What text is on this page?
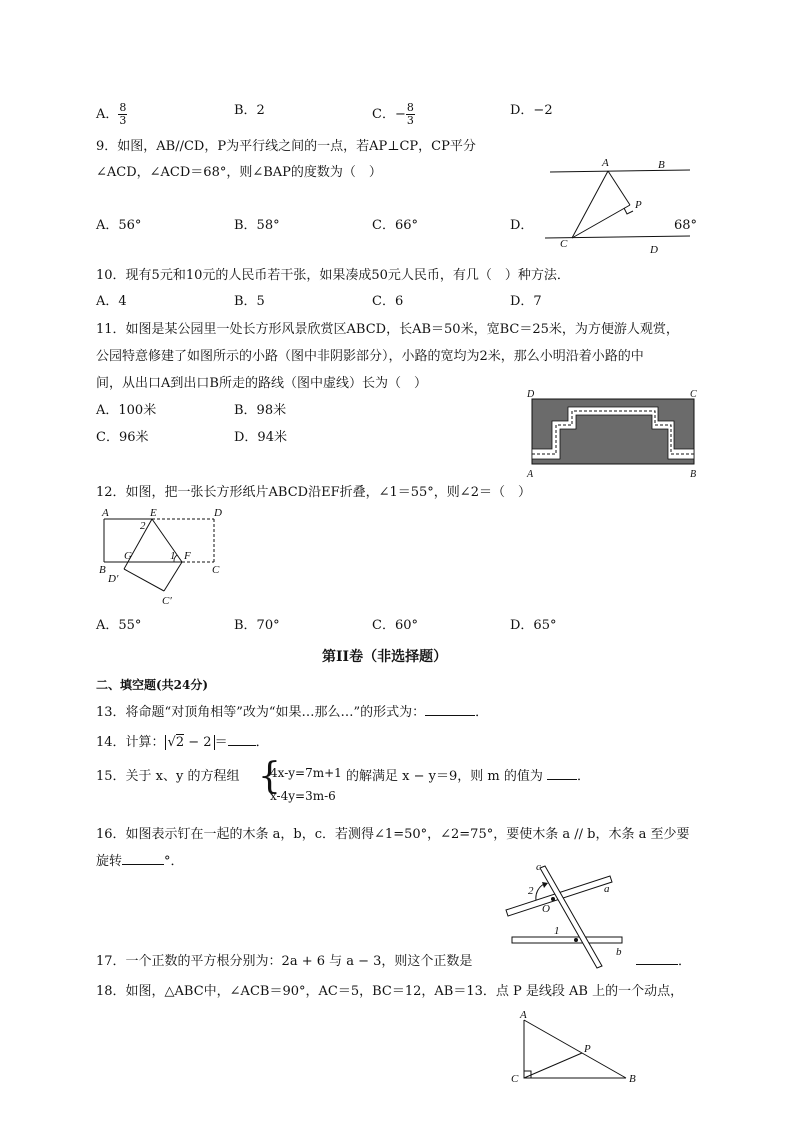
A． $\frac{8}{3}$	B．2	C．− $\frac{8}{3}$	D．−2
9．如图，AB//CD，P为平行线之间的一点，若AP⊥CP，CP平分
∠ACD，∠ACD＝68°，则∠BAP的度数为（　）
A．56°	B．58°	C．66°	D．	68°
A	B
P
C	D
10．现有5元和10元的人民币若干张，如果凑成50元人民币，有几（　）种方法．
A．4	B．5	C．6	D．7
11．如图是某公园里一处长方形风景欣赏区ABCD，长AB＝50米，宽BC＝25米，为方便游人观赏，
公园特意修建了如图所示的小路（图中非阴影部分），小路的宽均为2米，那么小明沿着小路的中
间，从出口A到出口B所走的路线（图中虚线）长为（　）
A．100米	B．98米
C．96米	D．94米
D	C
A	B
12．如图，把一张长方形纸片ABCD沿EF折叠，∠1＝55°，则∠2＝（　）
A	E	D
2
G	1 F
B	C
D′
C′
A．55°	B．70°	C．60°	D．65°
第II卷（非选择题）
二、填空题(共24分)
13．将命题“对顶角相等”改为“如果…那么…”的形式为：	．
14．计算： √2 − 2 ＝ ．
15．关于 x、y 的方程组 {
4x-y=7m+1
x-4y=3m-6
的解满足 x − y＝9，则 m 的值为	．
16．如图表示钉在一起的木条 a，b，c．若测得∠1=50°，∠2=75°，要使木条 a // b，木条 a 至少要
旋转	°．	c
2
O
a
1
b
17．一个正数的平方根分别为：2a + 6 与 a − 3，则这个正数是	．
18．如图，△ABC中，∠ACB＝90°，AC＝5，BC＝12，AB＝13．点 P 是线段 AB 上的一个动点，
A
P
C	B
